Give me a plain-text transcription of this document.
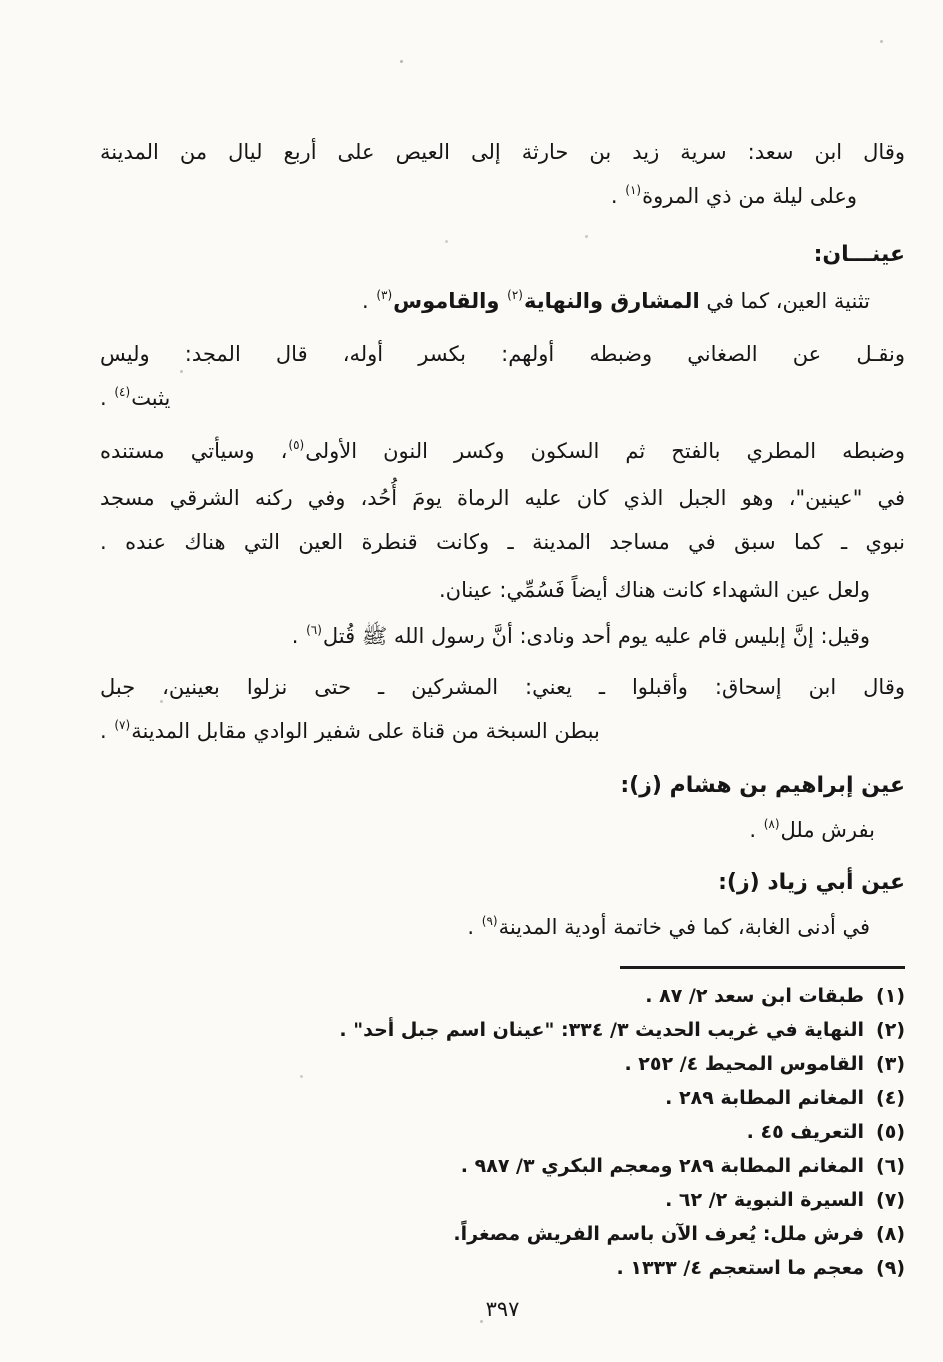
وقال ابن سعد: سرية زيد بن حارثة إلى العيص على أربع ليال من المدينة
وعلى ليلة من ذي المروة$^{(١)}$ .
عينـــان:
تثنية العين، كما في المشارق والنهاية$^{(٢)}$ والقاموس$^{(٣)}$ .
ونقـل عن الصغاني وضبطه أولهم: بكسر أوله، قال المجد: وليس
يثبت$^{(٤)}$ .
وضبطه المطري بالفتح ثم السكون وكسر النون الأولى$^{(٥)}$، وسيأتي مستنده
في "عينين"، وهو الجبل الذي كان عليه الرماة يومَ أُحُد، وفي ركنه الشرقي مسجد
نبوي ـ كما سبق في مساجد المدينة ـ وكانت قنطرة العين التي هناك عنده .
ولعل عين الشهداء كانت هناك أيضاً فَسُمِّي: عينان.
وقيل: إنَّ إبليس قام عليه يوم أحد ونادى: أنَّ رسول الله ﷺ قُتل$^{(٦)}$ .
وقال ابن إسحاق: وأقبلوا ـ يعني: المشركين ـ حتى نزلوا بعينين، جبل
ببطن السبخة من قناة على شفير الوادي مقابل المدينة$^{(٧)}$ .
عين إبراهيم بن هشام (ز):
بفرش ملل$^{(٨)}$ .
عين أبي زياد (ز):
في أدنى الغابة، كما في خاتمة أودية المدينة$^{(٩)}$ .
(١)طبقات ابن سعد ٢/ ٨٧ .
(٢)النهاية في غريب الحديث ٣/ ٣٣٤: "عينان اسم جبل أحد" .
(٣)القاموس المحيط ٤/ ٢٥٢ .
(٤)المغانم المطابة ٢٨٩ .
(٥)التعريف ٤٥ .
(٦)المغانم المطابة ٢٨٩ ومعجم البكري ٣/ ٩٨٧ .
(٧)السيرة النبوية ٢/ ٦٢ .
(٨)فرش ملل: يُعرف الآن باسم الفريش مصغراً.
(٩)معجم ما استعجم ٤/ ١٣٣٣ .
٣٩٧
